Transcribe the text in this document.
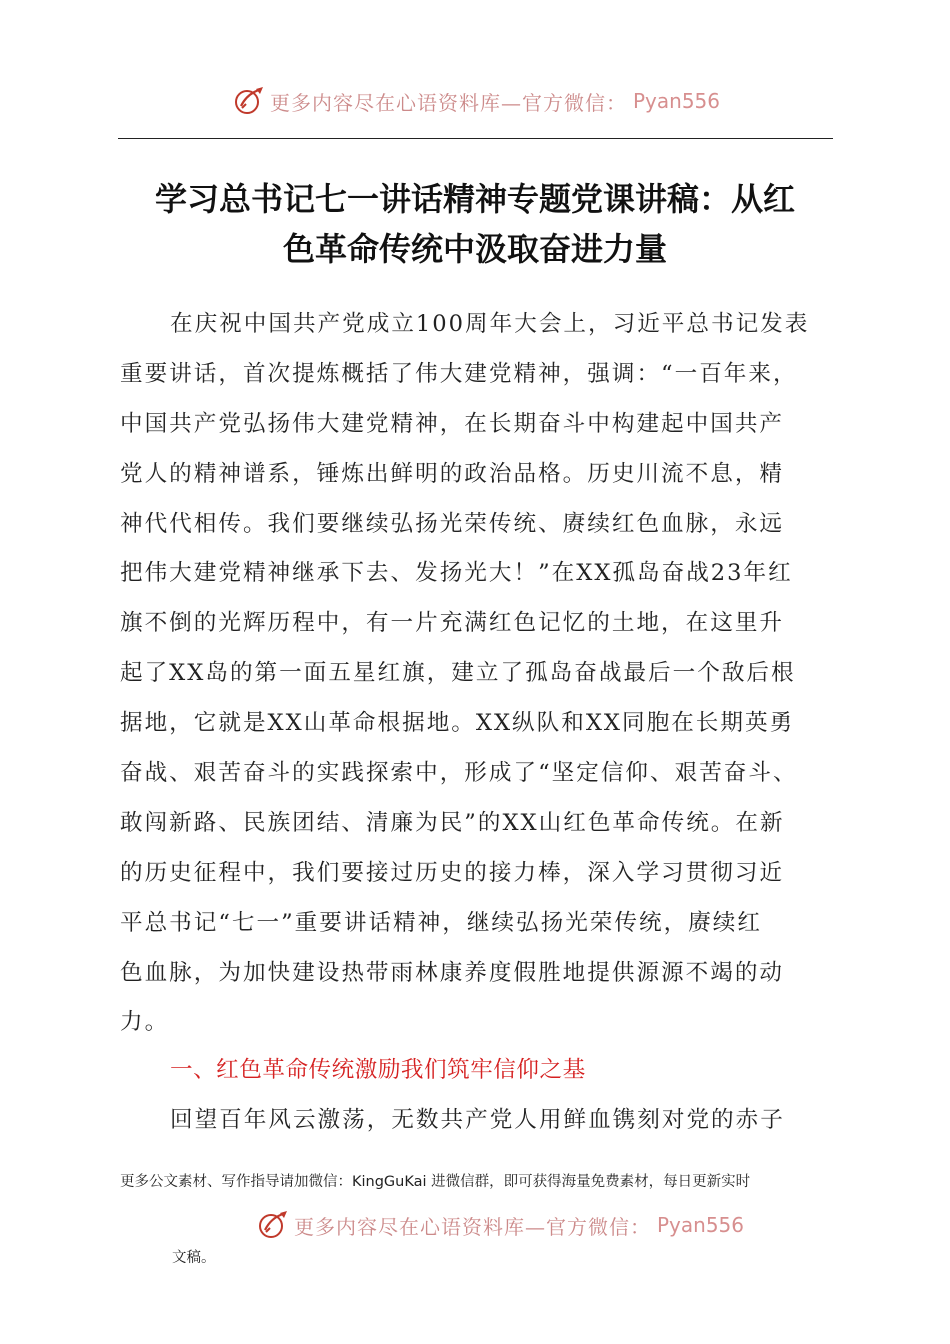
更多内容尽在心语资料库—官方微信： Pyan556
学习总书记七一讲话精神专题党课讲稿：从红
色革命传统中汲取奋进力量
在庆祝中国共产党成立100周年大会上，习近平总书记发表
重要讲话，首次提炼概括了伟大建党精神，强调：“一百年来，
中国共产党弘扬伟大建党精神，在长期奋斗中构建起中国共产
党人的精神谱系，锤炼出鲜明的政治品格。历史川流不息，精
神代代相传。我们要继续弘扬光荣传统、赓续红色血脉，永远
把伟大建党精神继承下去、发扬光大！”在XX孤岛奋战23年红
旗不倒的光辉历程中，有一片充满红色记忆的土地，在这里升
起了XX岛的第一面五星红旗，建立了孤岛奋战最后一个敌后根
据地，它就是XX山革命根据地。XX纵队和XX同胞在长期英勇
奋战、艰苦奋斗的实践探索中，形成了“坚定信仰、艰苦奋斗、
敢闯新路、民族团结、清廉为民”的XX山红色革命传统。在新
的历史征程中，我们要接过历史的接力棒，深入学习贯彻习近
平总书记“七一”重要讲话精神，继续弘扬光荣传统，赓续红
色血脉，为加快建设热带雨林康养度假胜地提供源源不竭的动
力。
一、红色革命传统激励我们筑牢信仰之基
回望百年风云激荡，无数共产党人用鲜血镌刻对党的赤子
更多公文素材、写作指导请加微信：KingGuKai 进微信群，即可获得海量免费素材，每日更新实时
更多内容尽在心语资料库—官方微信： Pyan556
文稿。
